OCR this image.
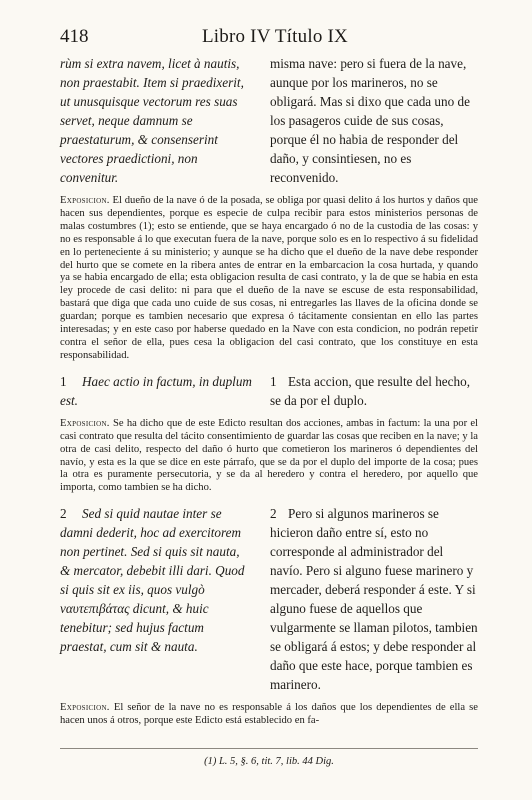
418	Libro IV Título IX
rùm si extra navem, licet à nautis, non praestabit. Item si praedixerit, ut unusquisque vectorum res suas servet, neque damnum se praestaturum, & consenserint vectores praedictioni, non convenitur.
misma nave: pero si fuera de la nave, aunque por los marineros, no se obligará. Mas si dixo que cada uno de los pasageros cuide de sus cosas, porque él no habia de responder del daño, y consintiesen, no es reconvenido.
Exposicion. El dueño de la nave ó de la posada, se obliga por quasi delito á los hurtos y daños que hacen sus dependientes, porque es especie de culpa recibir para estos ministerios personas de malas costumbres (1); esto se entiende, que se haya encargado ó no de la custodia de las cosas: y no es responsable á lo que executan fuera de la nave, porque solo es en lo respectivo á su fidelidad en lo perteneciente á su ministerio; y aunque se ha dicho que el dueño de la nave debe responder del hurto que se comete en la ribera antes de entrar en la embarcacion la cosa hurtada, y quando ya se habia encargado de ella; esta obligacion resulta de casi contrato, y la de que se habia en esta ley procede de casi delito: ni para que el dueño de la nave se escuse de esta responsabilidad, bastará que diga que cada uno cuide de sus cosas, ni entregarles las llaves de la oficina donde se guardan; porque es tambien necesario que expresa ó tácitamente consientan en ello las partes interesadas; y en este caso por haberse quedado en la Nave con esta condicion, no podrán repetir contra el señor de ella, pues cesa la obligacion del casi contrato, que los constituye en esta responsabilidad.
1 Haec actio in factum, in duplum est.
1 Esta accion, que resulte del hecho, se da por el duplo.
Exposicion. Se ha dicho que de este Edicto resultan dos acciones, ambas in factum: la una por el casi contrato que resulta del tácito consentimiento de guardar las cosas que reciben en la nave; y la otra de casi delito, respecto del daño ó hurto que cometieron los marineros ó dependientes del navío, y esta es la que se dice en este párrafo, que se da por el duplo del importe de la cosa; pues la otra es puramente persecutoria, y se da al heredero y contra el heredero, por aquello que importa, como tambien se ha dicho.
2 Sed si quid nautae inter se damni dederit, hoc ad exercitorem non pertinet. Sed si quis sit nauta, & mercator, debebit illi dari. Quod si quis sit ex iis, quos vulgò ναυτεπιβάτας dicunt, & huic tenebitur; sed hujus factum praestat, cum sit & nauta.
2 Pero si algunos marineros se hicieron daño entre sí, esto no corresponde al administrador del navío. Pero si alguno fuese marinero y mercader, deberá responder á este. Y si alguno fuese de aquellos que vulgarmente se llaman pilotos, tambien se obligará á estos; y debe responder al daño que este hace, porque tambien es marinero.
Exposicion. El señor de la nave no es responsable á los daños que los dependientes de ella se hacen unos á otros, porque este Edicto está establecido en fa-
(1) L. 5, §. 6, tit. 7, lib. 44 Dig.
